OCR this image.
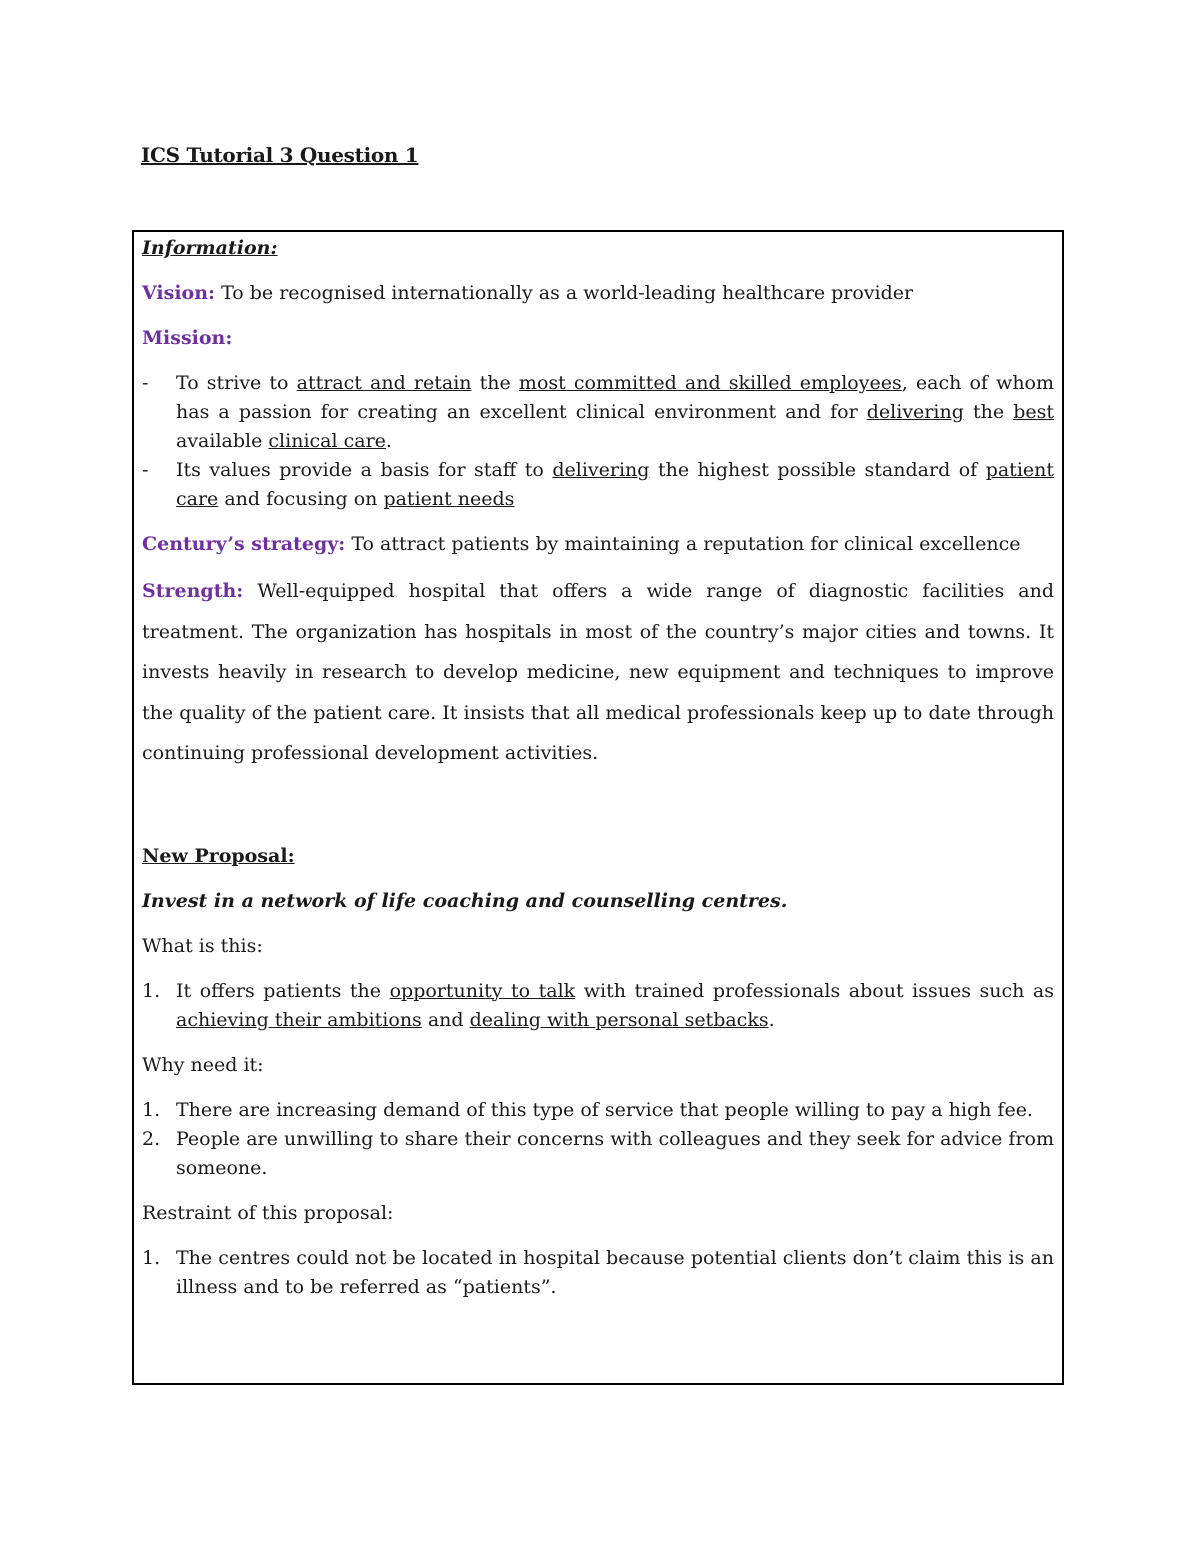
ICS Tutorial 3 Question 1

Information:

Vision: To be recognised internationally as a world-leading healthcare provider

Mission:

- To strive to attract and retain the most committed and skilled employees, each of whom has a passion for creating an excellent clinical environment and for delivering the best available clinical care.
- Its values provide a basis for staff to delivering the highest possible standard of patient care and focusing on patient needs

Century’s strategy: To attract patients by maintaining a reputation for clinical excellence

Strength: Well-equipped hospital that offers a wide range of diagnostic facilities and treatment. The organization has hospitals in most of the country’s major cities and towns. It invests heavily in research to develop medicine, new equipment and techniques to improve the quality of the patient care. It insists that all medical professionals keep up to date through continuing professional development activities.

New Proposal:

Invest in a network of life coaching and counselling centres.

What is this:

1. It offers patients the opportunity to talk with trained professionals about issues such as achieving their ambitions and dealing with personal setbacks.

Why need it:

1. There are increasing demand of this type of service that people willing to pay a high fee.
2. People are unwilling to share their concerns with colleagues and they seek for advice from someone.

Restraint of this proposal:

1. The centres could not be located in hospital because potential clients don’t claim this is an illness and to be referred as “patients”.
